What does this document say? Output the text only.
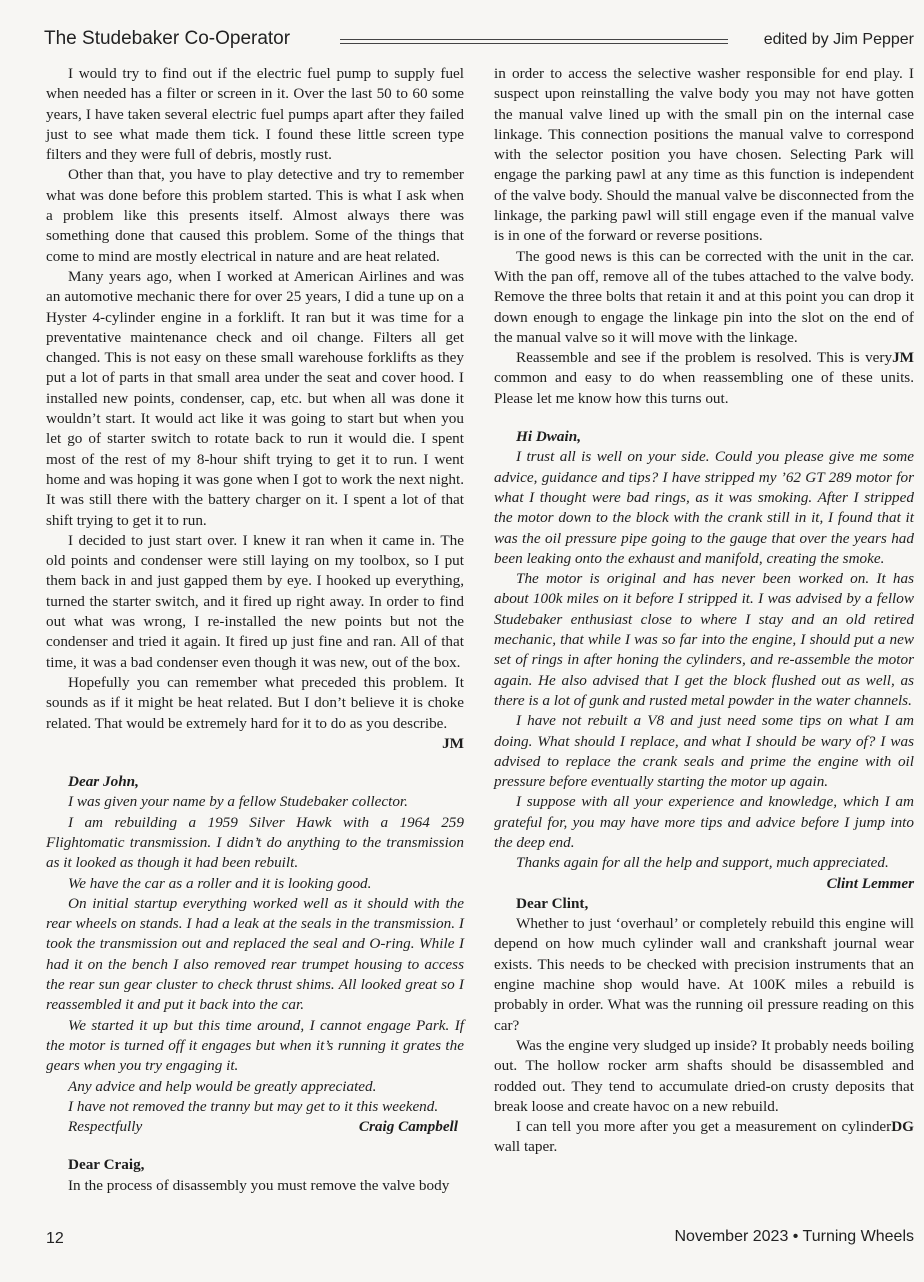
The Studebaker Co-Operator	edited by Jim Pepper

I would try to find out if the electric fuel pump to supply fuel when needed has a filter or screen in it. Over the last 50 to 60 some years, I have taken several electric fuel pumps apart after they failed just to see what made them tick. I found these little screen type filters and they were full of debris, mostly rust.

Other than that, you have to play detective and try to remember what was done before this problem started. This is what I ask when a problem like this presents itself. Almost always there was something done that caused this problem. Some of the things that come to mind are mostly electrical in nature and are heat related.

Many years ago, when I worked at American Airlines and was an automotive mechanic there for over 25 years, I did a tune up on a Hyster 4-cylinder engine in a forklift. It ran but it was time for a preventative maintenance check and oil change. Filters all get changed. This is not easy on these small warehouse forklifts as they put a lot of parts in that small area under the seat and cover hood. I installed new points, condenser, cap, etc. but when all was done it wouldn’t start. It would act like it was going to start but when you let go of starter switch to rotate back to run it would die. I spent most of the rest of my 8-hour shift trying to get it to run. I went home and was hoping it was gone when I got to work the next night. It was still there with the battery charger on it. I spent a lot of that shift trying to get it to run.

I decided to just start over. I knew it ran when it came in. The old points and condenser were still laying on my toolbox, so I put them back in and just gapped them by eye. I hooked up everything, turned the starter switch, and it fired up right away. In order to find out what was wrong, I re-installed the new points but not the condenser and tried it again. It fired up just fine and ran. All of that time, it was a bad condenser even though it was new, out of the box.

Hopefully you can remember what preceded this problem. It sounds as if it might be heat related. But I don’t believe it is choke related. That would be extremely hard for it to do as you describe.

JM

Dear John,

I was given your name by a fellow Studebaker collector.

I am rebuilding a 1959 Silver Hawk with a 1964 259 Flightomatic transmission. I didn’t do anything to the transmission as it looked as though it had been rebuilt.

We have the car as a roller and it is looking good.

On initial startup everything worked well as it should with the rear wheels on stands. I had a leak at the seals in the transmission. I took the transmission out and replaced the seal and O-ring. While I had it on the bench I also removed rear trumpet housing to access the rear sun gear cluster to check thrust shims. All looked great so I reassembled it and put it back into the car.

We started it up but this time around, I cannot engage Park. If the motor is turned off it engages but when it’s running it grates the gears when you try engaging it.

Any advice and help would be greatly appreciated.

I have not removed the tranny but may get to it this weekend.

Respectfully	Craig Campbell

Dear Craig,

In the process of disassembly you must remove the valve body

in order to access the selective washer responsible for end play. I suspect upon reinstalling the valve body you may not have gotten the manual valve lined up with the small pin on the internal case linkage. This connection positions the manual valve to correspond with the selector position you have chosen. Selecting Park will engage the parking pawl at any time as this function is independent of the valve body. Should the manual valve be disconnected from the linkage, the parking pawl will still engage even if the manual valve is in one of the forward or reverse positions.

The good news is this can be corrected with the unit in the car. With the pan off, remove all of the tubes attached to the valve body. Remove the three bolts that retain it and at this point you can drop it down enough to engage the linkage pin into the slot on the end of the manual valve so it will move with the linkage.

JM
Reassemble and see if the problem is resolved. This is very common and easy to do when reassembling one of these units. Please let me know how this turns out.

Hi Dwain,

I trust all is well on your side. Could you please give me some advice, guidance and tips? I have stripped my ’62 GT 289 motor for what I thought were bad rings, as it was smoking. After I stripped the motor down to the block with the crank still in it, I found that it was the oil pressure pipe going to the gauge that over the years had been leaking onto the exhaust and manifold, creating the smoke.

The motor is original and has never been worked on. It has about 100k miles on it before I stripped it. I was advised by a fellow Studebaker enthusiast close to where I stay and an old retired mechanic, that while I was so far into the engine, I should put a new set of rings in after honing the cylinders, and re-assemble the motor again. He also advised that I get the block flushed out as well, as there is a lot of gunk and rusted metal powder in the water channels.

I have not rebuilt a V8 and just need some tips on what I am doing. What should I replace, and what I should be wary of? I was advised to replace the crank seals and prime the engine with oil pressure before eventually starting the motor up again.

I suppose with all your experience and knowledge, which I am grateful for, you may have more tips and advice before I jump into the deep end.

Thanks again for all the help and support, much appreciated.

Clint Lemmer

Dear Clint,

Whether to just ‘overhaul’ or completely rebuild this engine will depend on how much cylinder wall and crankshaft journal wear exists. This needs to be checked with precision instruments that an engine machine shop would have. At 100K miles a rebuild is probably in order. What was the running oil pressure reading on this car?

Was the engine very sludged up inside? It probably needs boiling out. The hollow rocker arm shafts should be disassembled and rodded out. They tend to accumulate dried-on crusty deposits that break loose and create havoc on a new rebuild.

DG
I can tell you more after you get a measurement on cylinder wall taper.

12	November 2023 • Turning Wheels
